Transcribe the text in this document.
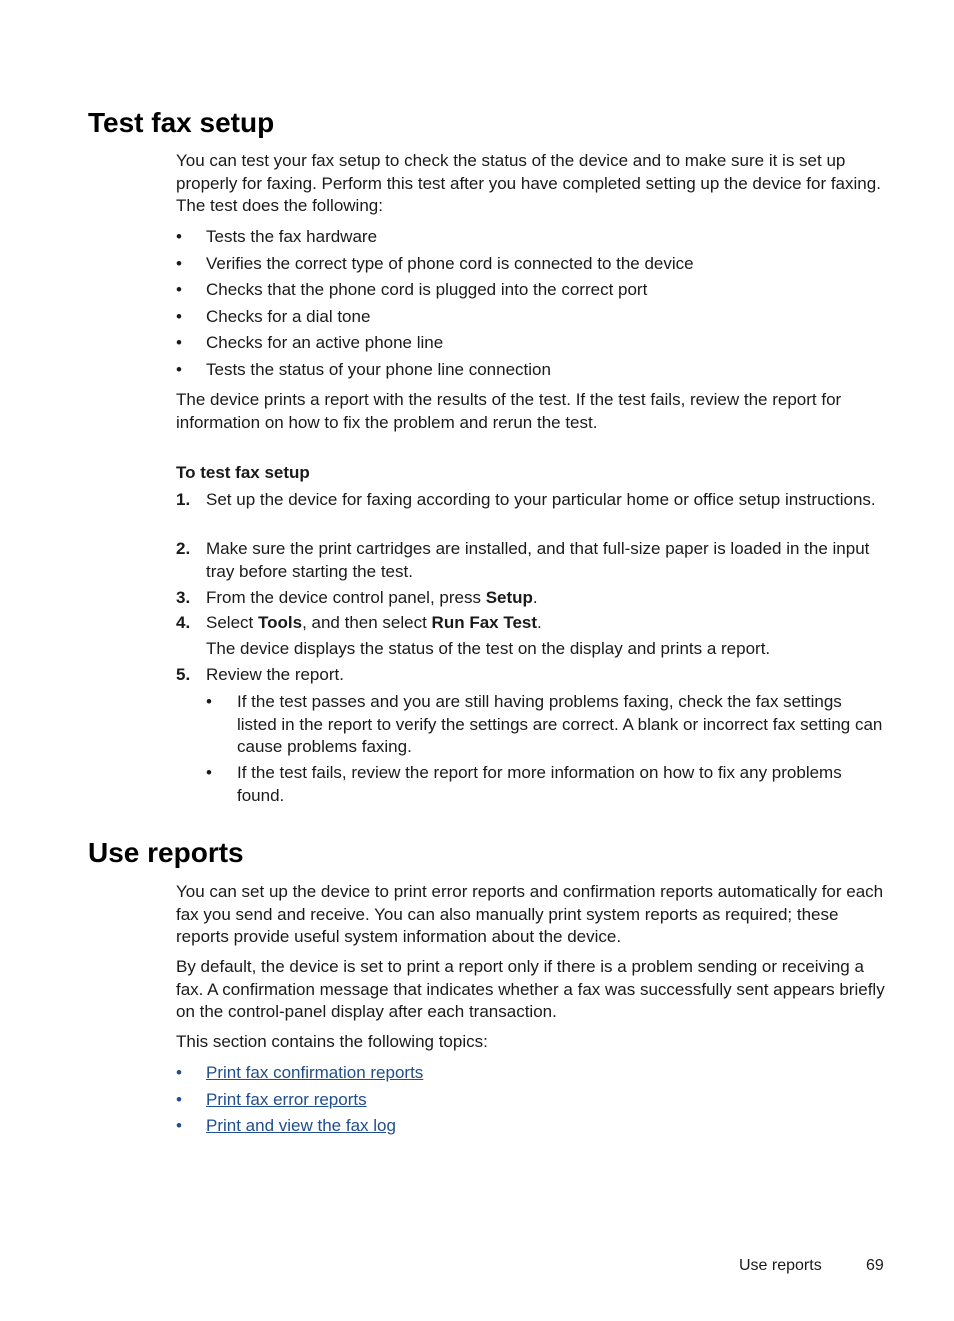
Test fax setup

You can test your fax setup to check the status of the device and to make sure it is set up properly for faxing. Perform this test after you have completed setting up the device for faxing. The test does the following:

• Tests the fax hardware
• Verifies the correct type of phone cord is connected to the device
• Checks that the phone cord is plugged into the correct port
• Checks for a dial tone
• Checks for an active phone line
• Tests the status of your phone line connection

The device prints a report with the results of the test. If the test fails, review the report for information on how to fix the problem and rerun the test.

To test fax setup
1. Set up the device for faxing according to your particular home or office setup instructions.
2. Make sure the print cartridges are installed, and that full-size paper is loaded in the input tray before starting the test.
3. From the device control panel, press Setup.
4. Select Tools, and then select Run Fax Test.
The device displays the status of the test on the display and prints a report.
5. Review the report.
• If the test passes and you are still having problems faxing, check the fax settings listed in the report to verify the settings are correct. A blank or incorrect fax setting can cause problems faxing.
• If the test fails, review the report for more information on how to fix any problems found.
Use reports

You can set up the device to print error reports and confirmation reports automatically for each fax you send and receive. You can also manually print system reports as required; these reports provide useful system information about the device.

By default, the device is set to print a report only if there is a problem sending or receiving a fax. A confirmation message that indicates whether a fax was successfully sent appears briefly on the control-panel display after each transaction.

This section contains the following topics:

• Print fax confirmation reports
• Print fax error reports
• Print and view the fax log
Use reports	69
